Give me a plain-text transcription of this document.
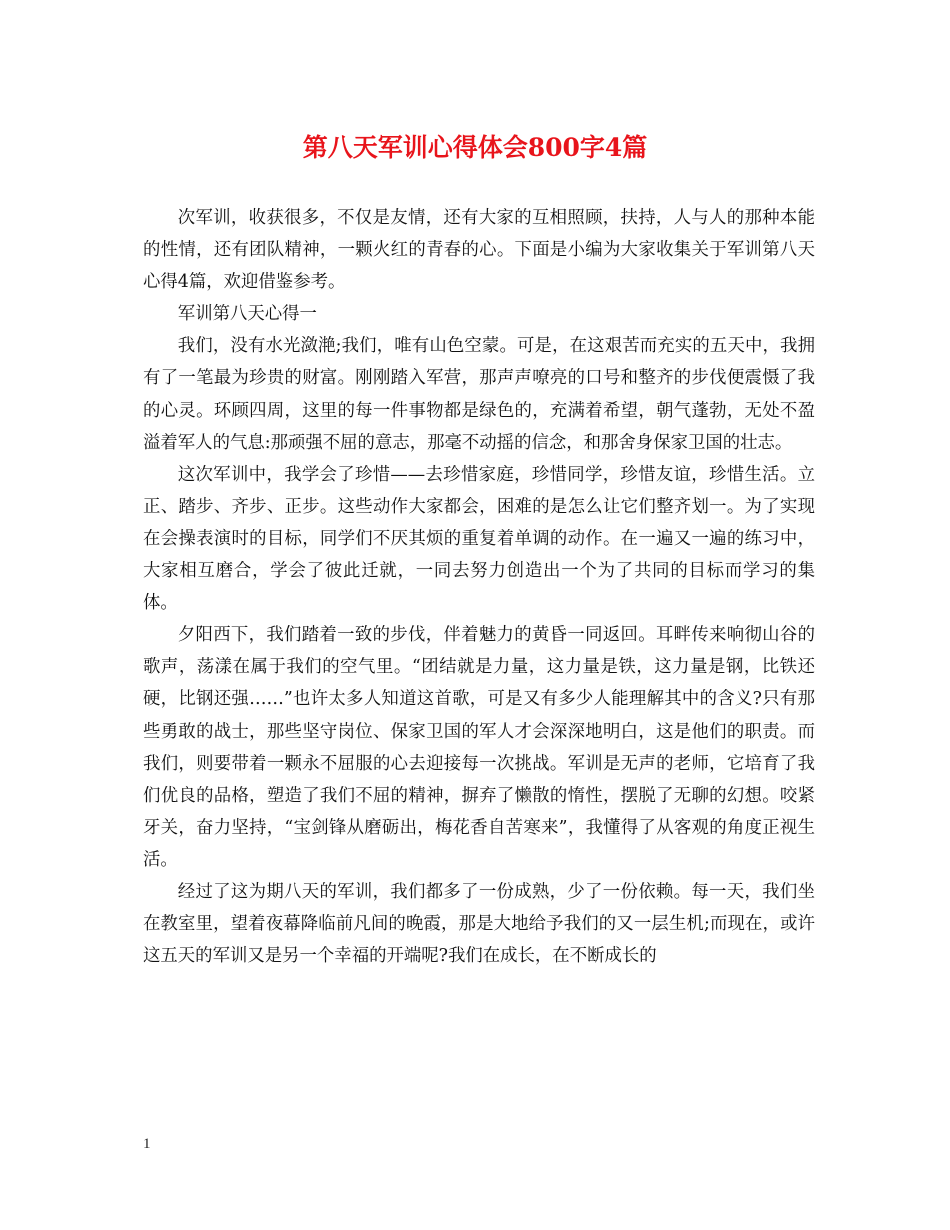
第八天军训心得体会800字4篇

次军训，收获很多，不仅是友情，还有大家的互相照顾，扶持，人与人的那种本能的性情，还有团队精神，一颗火红的青春的心。下面是小编为大家收集关于军训第八天心得4篇，欢迎借鉴参考。

军训第八天心得一

我们，没有水光潋滟;我们，唯有山色空蒙。可是，在这艰苦而充实的五天中，我拥有了一笔最为珍贵的财富。刚刚踏入军营，那声声嘹亮的口号和整齐的步伐便震慑了我的心灵。环顾四周，这里的每一件事物都是绿色的，充满着希望，朝气蓬勃，无处不盈溢着军人的气息:那顽强不屈的意志，那毫不动摇的信念，和那舍身保家卫国的壮志。

这次军训中，我学会了珍惜——去珍惜家庭，珍惜同学，珍惜友谊，珍惜生活。立正、踏步、齐步、正步。这些动作大家都会，困难的是怎么让它们整齐划一。为了实现在会操表演时的目标，同学们不厌其烦的重复着单调的动作。在一遍又一遍的练习中，大家相互磨合，学会了彼此迁就，一同去努力创造出一个为了共同的目标而学习的集体。

夕阳西下，我们踏着一致的步伐，伴着魅力的黄昏一同返回。耳畔传来响彻山谷的歌声，荡漾在属于我们的空气里。“团结就是力量，这力量是铁，这力量是钢，比铁还硬，比钢还强……”也许太多人知道这首歌，可是又有多少人能理解其中的含义?只有那些勇敢的战士，那些坚守岗位、保家卫国的军人才会深深地明白，这是他们的职责。而我们，则要带着一颗永不屈服的心去迎接每一次挑战。军训是无声的老师，它培育了我们优良的品格，塑造了我们不屈的精神，摒弃了懒散的惰性，摆脱了无聊的幻想。咬紧牙关，奋力坚持，“宝剑锋从磨砺出，梅花香自苦寒来”，我懂得了从客观的角度正视生活。

经过了这为期八天的军训，我们都多了一份成熟，少了一份依赖。每一天，我们坐在教室里，望着夜幕降临前凡间的晚霞，那是大地给予我们的又一层生机;而现在，或许这五天的军训又是另一个幸福的开端呢?我们在成长，在不断成长的

1
